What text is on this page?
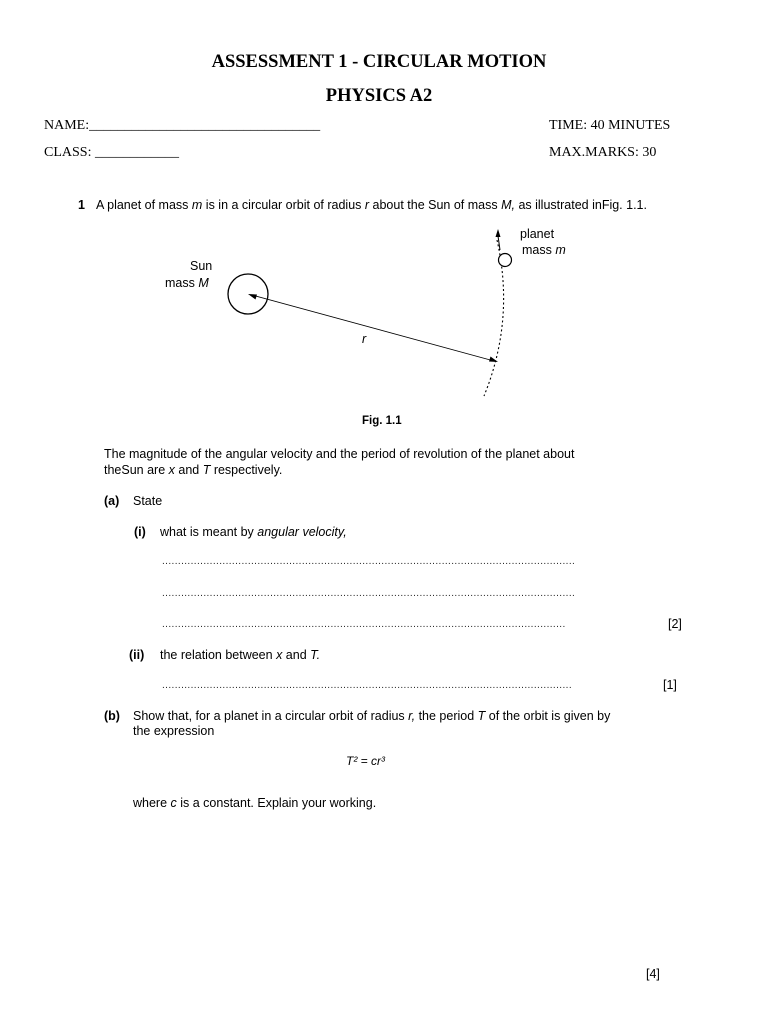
ASSESSMENT 1 - CIRCULAR MOTION
PHYSICS A2
NAME:_________________________________	TIME: 40 MINUTES
CLASS: ____________	MAX.MARKS: 30
1 A planet of mass m is in a circular orbit of radius r about the Sun of mass M, as illustrated inFig. 1.1.
planet
mass m
Sun
mass M
r
Fig. 1.1
The magnitude of the angular velocity and the period of revolution of the planet about
theSun are x and T respectively.
(a) State
(i) what is meant by angular velocity,
..................................................................................................................................
..................................................................................................................................
...............................................................................................................................	[2]
(ii) the relation between x and T.
.................................................................................................................................	[1]
(b) Show that, for a planet in a circular orbit of radius r, the period T of the orbit is given by
the expression
T² = cr³
where c is a constant. Explain your working.
[4]
